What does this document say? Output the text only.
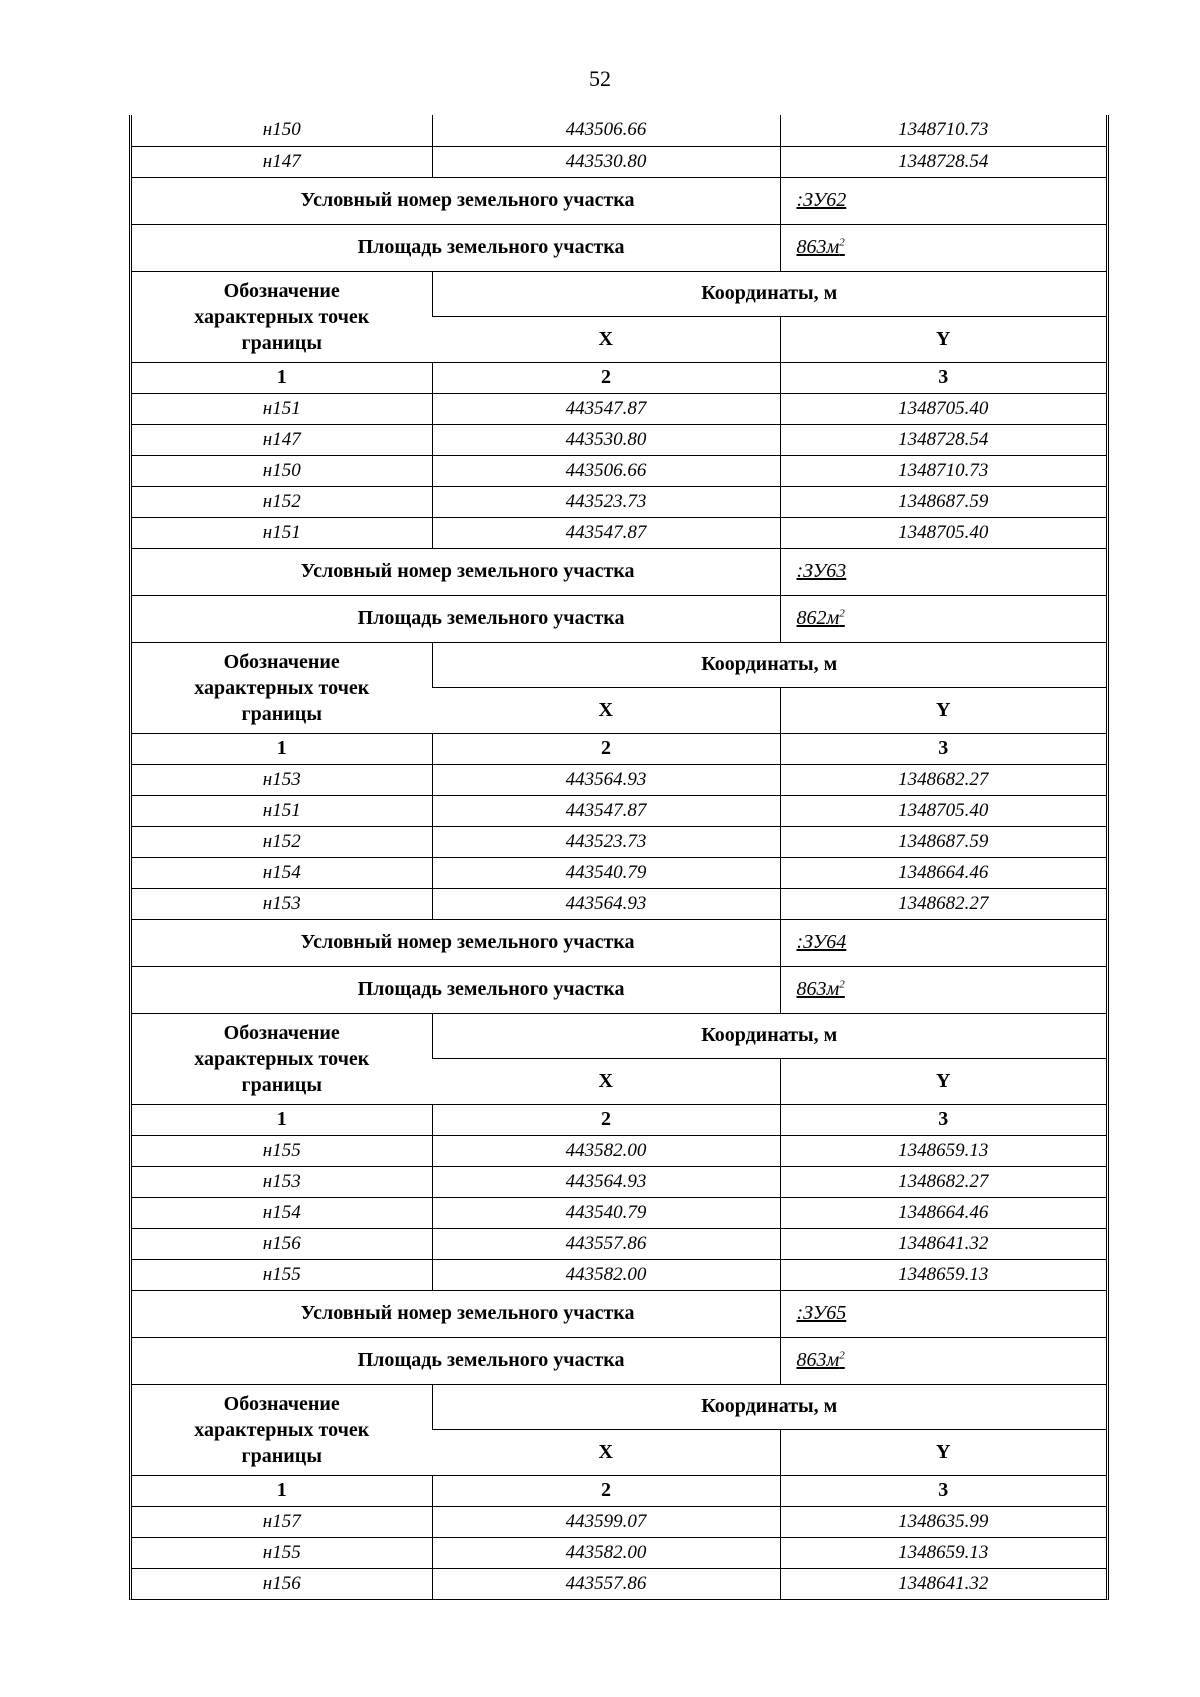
52
н150	443506.66	1348710.73
н147	443530.80	1348728.54
Условный номер земельного участка		:ЗУ62
Площадь земельного участка		$863м^2$
Обозначение характерных точек границы	Координаты, м	
	X	Y
1	2	3
н151	443547.87	1348705.40
н147	443530.80	1348728.54
н150	443506.66	1348710.73
н152	443523.73	1348687.59
н151	443547.87	1348705.40
Условный номер земельного участка		:ЗУ63
Площадь земельного участка		$862м^2$
Обозначение характерных точек границы	Координаты, м	
	X	Y
1	2	3
н153	443564.93	1348682.27
н151	443547.87	1348705.40
н152	443523.73	1348687.59
н154	443540.79	1348664.46
н153	443564.93	1348682.27
Условный номер земельного участка		:ЗУ64
Площадь земельного участка		$863м^2$
Обозначение характерных точек границы	Координаты, м	
	X	Y
1	2	3
н155	443582.00	1348659.13
н153	443564.93	1348682.27
н154	443540.79	1348664.46
н156	443557.86	1348641.32
н155	443582.00	1348659.13
Условный номер земельного участка		:ЗУ65
Площадь земельного участка		$863м^2$
Обозначение характерных точек границы	Координаты, м	
	X	Y
1	2	3
н157	443599.07	1348635.99
н155	443582.00	1348659.13
н156	443557.86	1348641.32
